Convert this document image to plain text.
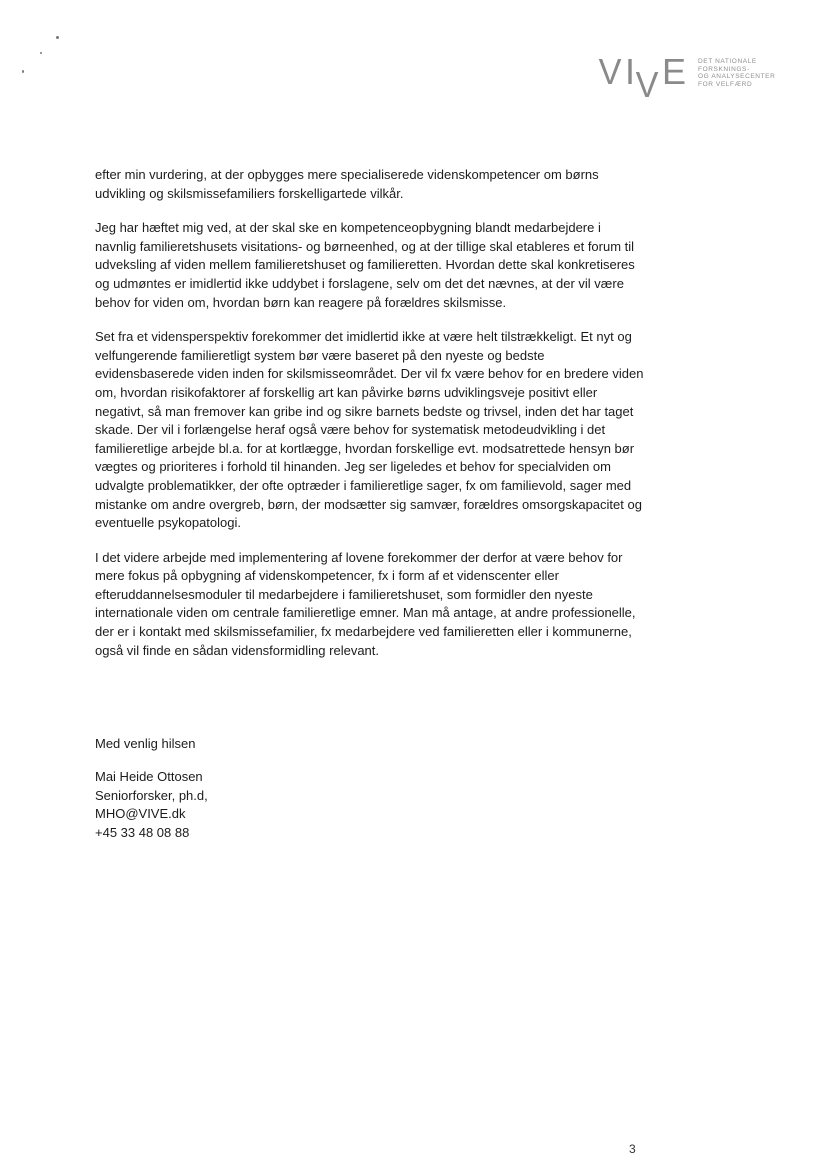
V I V E DET NATIONALE
FORSKNINGS-
OG ANALYSECENTER
FOR VELFÆRD

efter min vurdering, at der opbygges mere specialiserede videnskompetencer om børns udvikling og skilsmissefamiliers forskelligartede vilkår.

Jeg har hæftet mig ved, at der skal ske en kompetenceopbygning blandt medarbejdere i navnlig familieretshusets visitations- og børneenhed, og at der tillige skal etableres et forum til udveksling af viden mellem familieretshuset og familieretten. Hvordan dette skal konkretiseres og udmøntes er imidlertid ikke uddybet i forslagene, selv om det det nævnes, at der vil være behov for viden om, hvordan børn kan reagere på forældres skilsmisse.

Set fra et vidensperspektiv forekommer det imidlertid ikke at være helt tilstrækkeligt. Et nyt og velfungerende familieretligt system bør være baseret på den nyeste og bedste evidensbaserede viden inden for skilsmisseområdet. Der vil fx være behov for en bredere viden om, hvordan risikofaktorer af forskellig art kan påvirke børns udviklingsveje positivt eller negativt, så man fremover kan gribe ind og sikre barnets bedste og trivsel, inden det har taget skade. Der vil i forlængelse heraf også være behov for systematisk metodeudvikling i det familieretlige arbejde bl.a. for at kortlægge, hvordan forskellige evt. modsatrettede hensyn bør vægtes og prioriteres i forhold til hinanden. Jeg ser ligeledes et behov for specialviden om udvalgte problematikker, der ofte optræder i familieretlige sager, fx om familievold, sager med mistanke om andre overgreb, børn, der modsætter sig samvær, forældres omsorgskapacitet og eventuelle psykopatologi.

I det videre arbejde med implementering af lovene forekommer der derfor at være behov for mere fokus på opbygning af videnskompetencer, fx i form af et videnscenter eller efteruddannelsesmoduler til medarbejdere i familieretshuset, som formidler den nyeste internationale viden om centrale familieretlige emner. Man må antage, at andre professionelle, der er i kontakt med skilsmissefamilier, fx medarbejdere ved familieretten eller i kommunerne, også vil finde en sådan vidensformidling relevant.

Med venlig hilsen
Mai Heide Ottosen
Seniorforsker, ph.d,
MHO@VIVE.dk
+45 33 48 08 88
3
